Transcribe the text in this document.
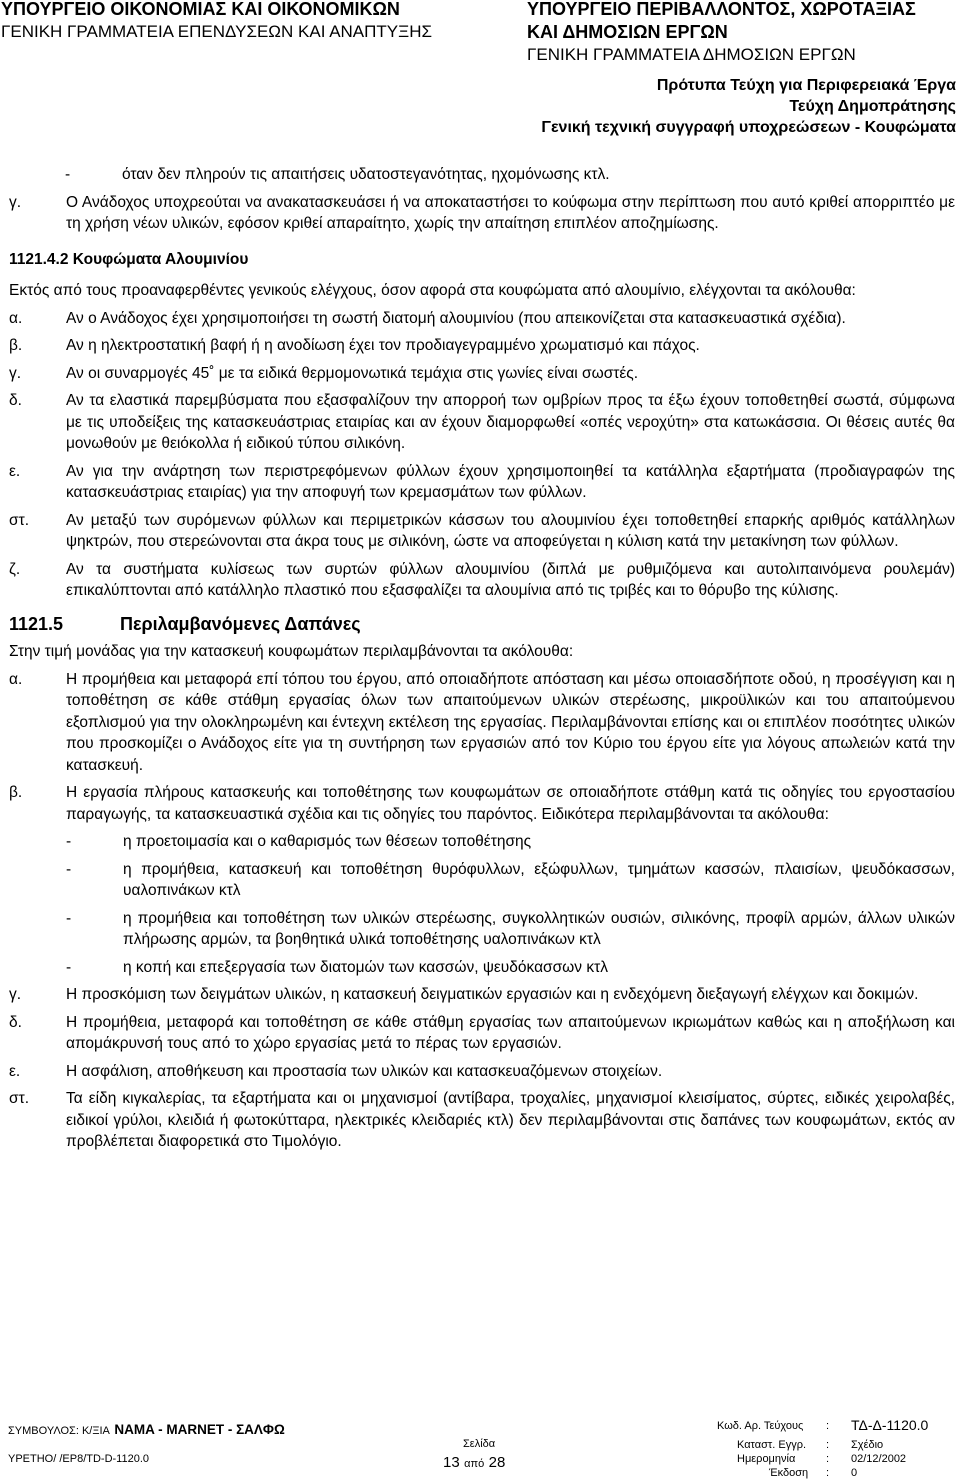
ΥΠΟΥΡΓΕΙΟ ΟΙΚΟΝΟΜΙΑΣ ΚΑΙ ΟΙΚΟΝΟΜΙΚΩΝ
ΓΕΝΙΚΗ ΓΡΑΜΜΑΤΕΙΑ ΕΠΕΝΔΥΣΕΩΝ ΚΑΙ ΑΝΑΠΤΥΞΗΣ
ΥΠΟΥΡΓΕΙΟ ΠΕΡΙΒΑΛΛΟΝΤΟΣ, ΧΩΡΟΤΑΞΙΑΣ
ΚΑΙ ΔΗΜΟΣΙΩΝ ΕΡΓΩΝ
ΓΕΝΙΚΗ ΓΡΑΜΜΑΤΕΙΑ ΔΗΜΟΣΙΩΝ ΕΡΓΩΝ
Πρότυπα Τεύχη για Περιφερειακά Έργα
Τεύχη Δημοπράτησης
Γενική τεχνική συγγραφή υποχρεώσεων - Κουφώματα
-	όταν δεν πληρούν τις απαιτήσεις υδατοστεγανότητας, ηχομόνωσης κτλ.
γ.	Ο Ανάδοχος υποχρεούται να ανακατασκευάσει ή να αποκαταστήσει το κούφωμα στην περίπτωση που αυτό κριθεί απορριπτέο με τη χρήση νέων υλικών, εφόσον κριθεί απαραίτητο, χωρίς την απαίτηση επιπλέον αποζημίωσης.
1121.4.2 Κουφώματα Αλουμινίου
Εκτός από τους προαναφερθέντες γενικούς ελέγχους, όσον αφορά στα κουφώματα από αλουμίνιο, ελέγχονται τα ακόλουθα:
α.	Αν ο Ανάδοχος έχει χρησιμοποιήσει τη σωστή διατομή αλουμινίου (που απεικονίζεται στα κατασκευαστικά σχέδια).
β.	Αν η ηλεκτροστατική βαφή ή η ανοδίωση έχει τον προδιαγεγραμμένο χρωματισμό και πάχος.
γ.	Αν οι συναρμογές 45˚ με τα ειδικά θερμομονωτικά τεμάχια στις γωνίες είναι σωστές.
δ.	Αν τα ελαστικά παρεμβύσματα που εξασφαλίζουν την απορροή των ομβρίων προς τα έξω έχουν τοποθετηθεί σωστά, σύμφωνα με τις υποδείξεις της κατασκευάστριας εταιρίας και αν έχουν διαμορφωθεί «οπές νεροχύτη» στα κατωκάσσια. Οι θέσεις αυτές θα μονωθούν με θειόκολλα ή ειδικού τύπου σιλικόνη.
ε.	Αν για την ανάρτηση των περιστρεφόμενων φύλλων έχουν χρησιμοποιηθεί τα κατάλληλα εξαρτήματα (προδιαγραφών της κατασκευάστριας εταιρίας) για την αποφυγή των κρεμασμάτων των φύλλων.
στ.	Αν μεταξύ των συρόμενων φύλλων και περιμετρικών κάσσων του αλουμινίου έχει τοποθετηθεί επαρκής αριθμός κατάλληλων ψηκτρών, που στερεώνονται στα άκρα τους με σιλικόνη, ώστε να αποφεύγεται η κύλιση κατά την μετακίνηση των φύλλων.
ζ.	Αν τα συστήματα κυλίσεως των συρτών φύλλων αλουμινίου (διπλά με ρυθμιζόμενα και αυτολιπαινόμενα ρουλεμάν) επικαλύπτονται από κατάλληλο πλαστικό που εξασφαλίζει τα αλουμίνια από τις τριβές και το θόρυβο της κύλισης.
1121.5	Περιλαμβανόμενες Δαπάνες
Στην τιμή μονάδας για την κατασκευή κουφωμάτων περιλαμβάνονται τα ακόλουθα:
α.	Η προμήθεια και μεταφορά επί τόπου του έργου, από οποιαδήποτε απόσταση και μέσω οποιασδήποτε οδού, η προσέγγιση και η τοποθέτηση σε κάθε στάθμη εργασίας όλων των απαιτούμενων υλικών στερέωσης, μικροϋλικών και του απαιτούμενου εξοπλισμού για την ολοκληρωμένη και έντεχνη εκτέλεση της εργασίας. Περιλαμβάνονται επίσης και οι επιπλέον ποσότητες υλικών που προσκομίζει ο Ανάδοχος είτε για τη συντήρηση των εργασιών από τον Κύριο του έργου είτε για λόγους απωλειών κατά την κατασκευή.
β.	Η εργασία πλήρους κατασκευής και τοποθέτησης των κουφωμάτων σε οποιαδήποτε στάθμη κατά τις οδηγίες του εργοστασίου παραγωγής, τα κατασκευαστικά σχέδια και τις οδηγίες του παρόντος. Ειδικότερα περιλαμβάνονται τα ακόλουθα:
-	η προετοιμασία και ο καθαρισμός των θέσεων τοποθέτησης
-	η προμήθεια, κατασκευή και τοποθέτηση θυρόφυλλων, εξώφυλλων, τμημάτων κασσών, πλαισίων, ψευδόκασσων, υαλοπινάκων κτλ
-	η προμήθεια και τοποθέτηση των υλικών στερέωσης, συγκολλητικών ουσιών, σιλικόνης, προφίλ αρμών, άλλων υλικών πλήρωσης αρμών, τα βοηθητικά υλικά τοποθέτησης υαλοπινάκων κτλ
-	η κοπή και επεξεργασία των διατομών των κασσών, ψευδόκασσων κτλ
γ.	Η προσκόμιση των δειγμάτων υλικών, η κατασκευή δειγματικών εργασιών και η ενδεχόμενη διεξαγωγή ελέγχων και δοκιμών.
δ.	Η προμήθεια, μεταφορά και τοποθέτηση σε κάθε στάθμη εργασίας των απαιτούμενων ικριωμάτων καθώς και η αποξήλωση και απομάκρυνσή τους από το χώρο εργασίας μετά το πέρας των εργασιών.
ε.	Η ασφάλιση, αποθήκευση και προστασία των υλικών και κατασκευαζόμενων στοιχείων.
στ.	Τα είδη κιγκαλερίας, τα εξαρτήματα και οι μηχανισμοί (αντίβαρα, τροχαλίες, μηχανισμοί κλεισίματος, σύρτες, ειδικές χειρολαβές, ειδικοί γρύλοι, κλειδιά ή φωτοκύτταρα, ηλεκτρικές κλειδαριές κτλ) δεν περιλαμβάνονται στις δαπάνες των κουφωμάτων, εκτός αν προβλέπεται διαφορετικά στο Τιμολόγιο.
ΣΥΜΒΟΥΛΟΣ: Κ/ΞΙΑ NAMA - MARNET - ΣΑΛΦΩ
ΥΡΕΤΗΟ/ /ΕΡ8/TD-D-1120.0
Σελίδα
13 από 28
Κωδ. Αρ. Τεύχους : ΤΔ-Δ-1120.0
Καταστ. Εγγρ. : Σχέδιο
Ημερομηνία	: 02/12/2002
Έκδοση : 0
